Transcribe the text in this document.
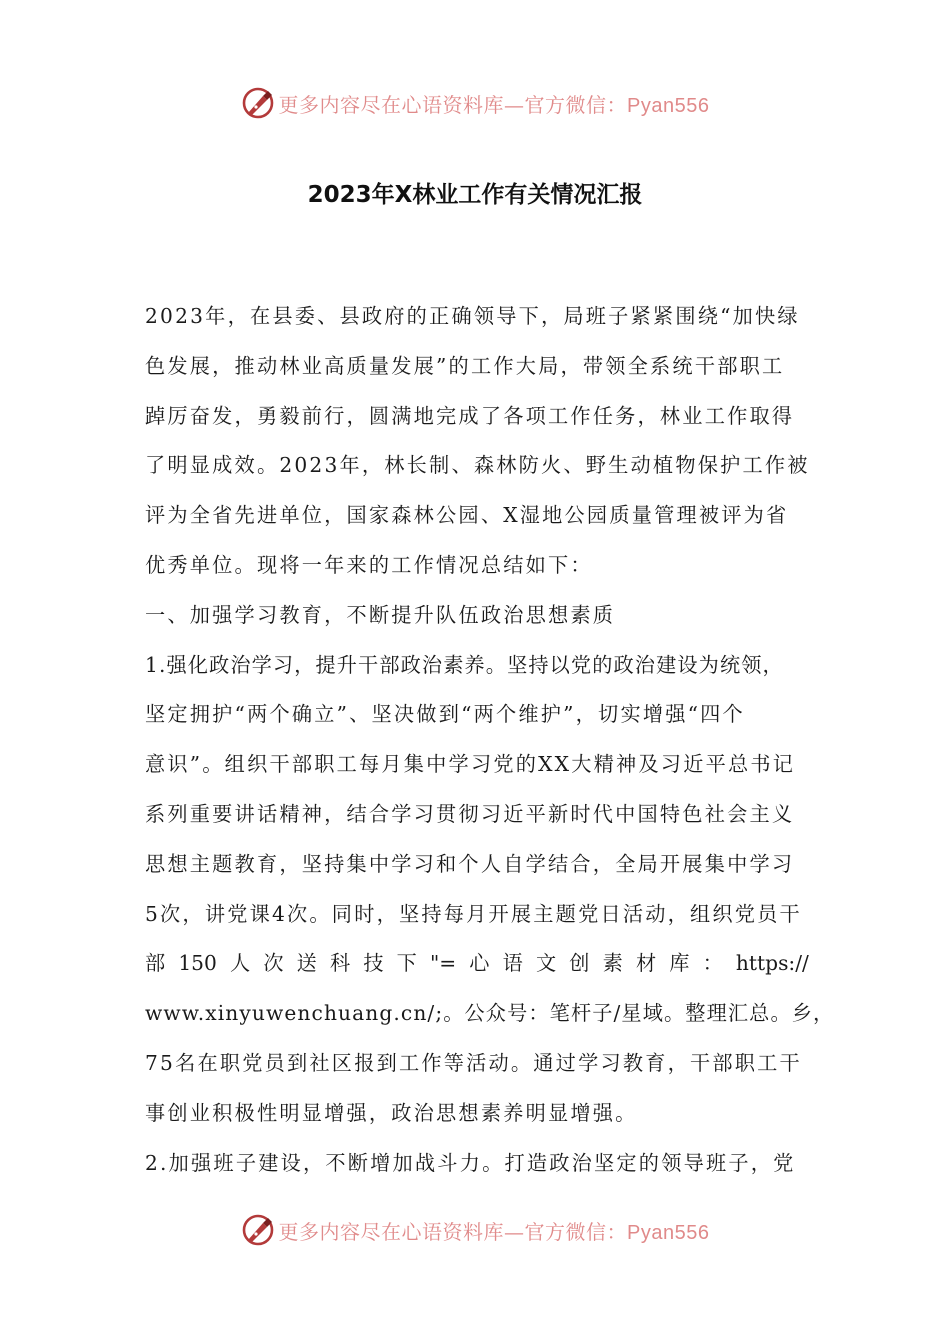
更多内容尽在心语资料库—官方微信：Pyan556
2023年X林业工作有关情况汇报
2023年，在县委、县政府的正确领导下，局班子紧紧围绕“加快绿
色发展，推动林业高质量发展”的工作大局，带领全系统干部职工
踔厉奋发，勇毅前行，圆满地完成了各项工作任务，林业工作取得
了明显成效。2023年，林长制、森林防火、野生动植物保护工作被
评为全省先进单位，国家森林公园、X湿地公园质量管理被评为省
优秀单位。现将一年来的工作情况总结如下：
一、加强学习教育，不断提升队伍政治思想素质
1.强化政治学习，提升干部政治素养。坚持以党的政治建设为统领，
坚定拥护“两个确立”、坚决做到“两个维护”，切实增强“四个
意识”。组织干部职工每月集中学习党的XX大精神及习近平总书记
系列重要讲话精神，结合学习贯彻习近平新时代中国特色社会主义
思想主题教育，坚持集中学习和个人自学结合，全局开展集中学习
5次，讲党课4次。同时，坚持每月开展主题党日活动，组织党员干
部 150 人 次 送 科 技 下 "= 心 语 文 创 素 材 库 ： https://
www.xinyuwenchuang.cn/;。公众号：笔杆子/星域。整理汇总。乡，
75名在职党员到社区报到工作等活动。通过学习教育，干部职工干
事创业积极性明显增强，政治思想素养明显增强。
2.加强班子建设，不断增加战斗力。打造政治坚定的领导班子，党
更多内容尽在心语资料库—官方微信：Pyan556
